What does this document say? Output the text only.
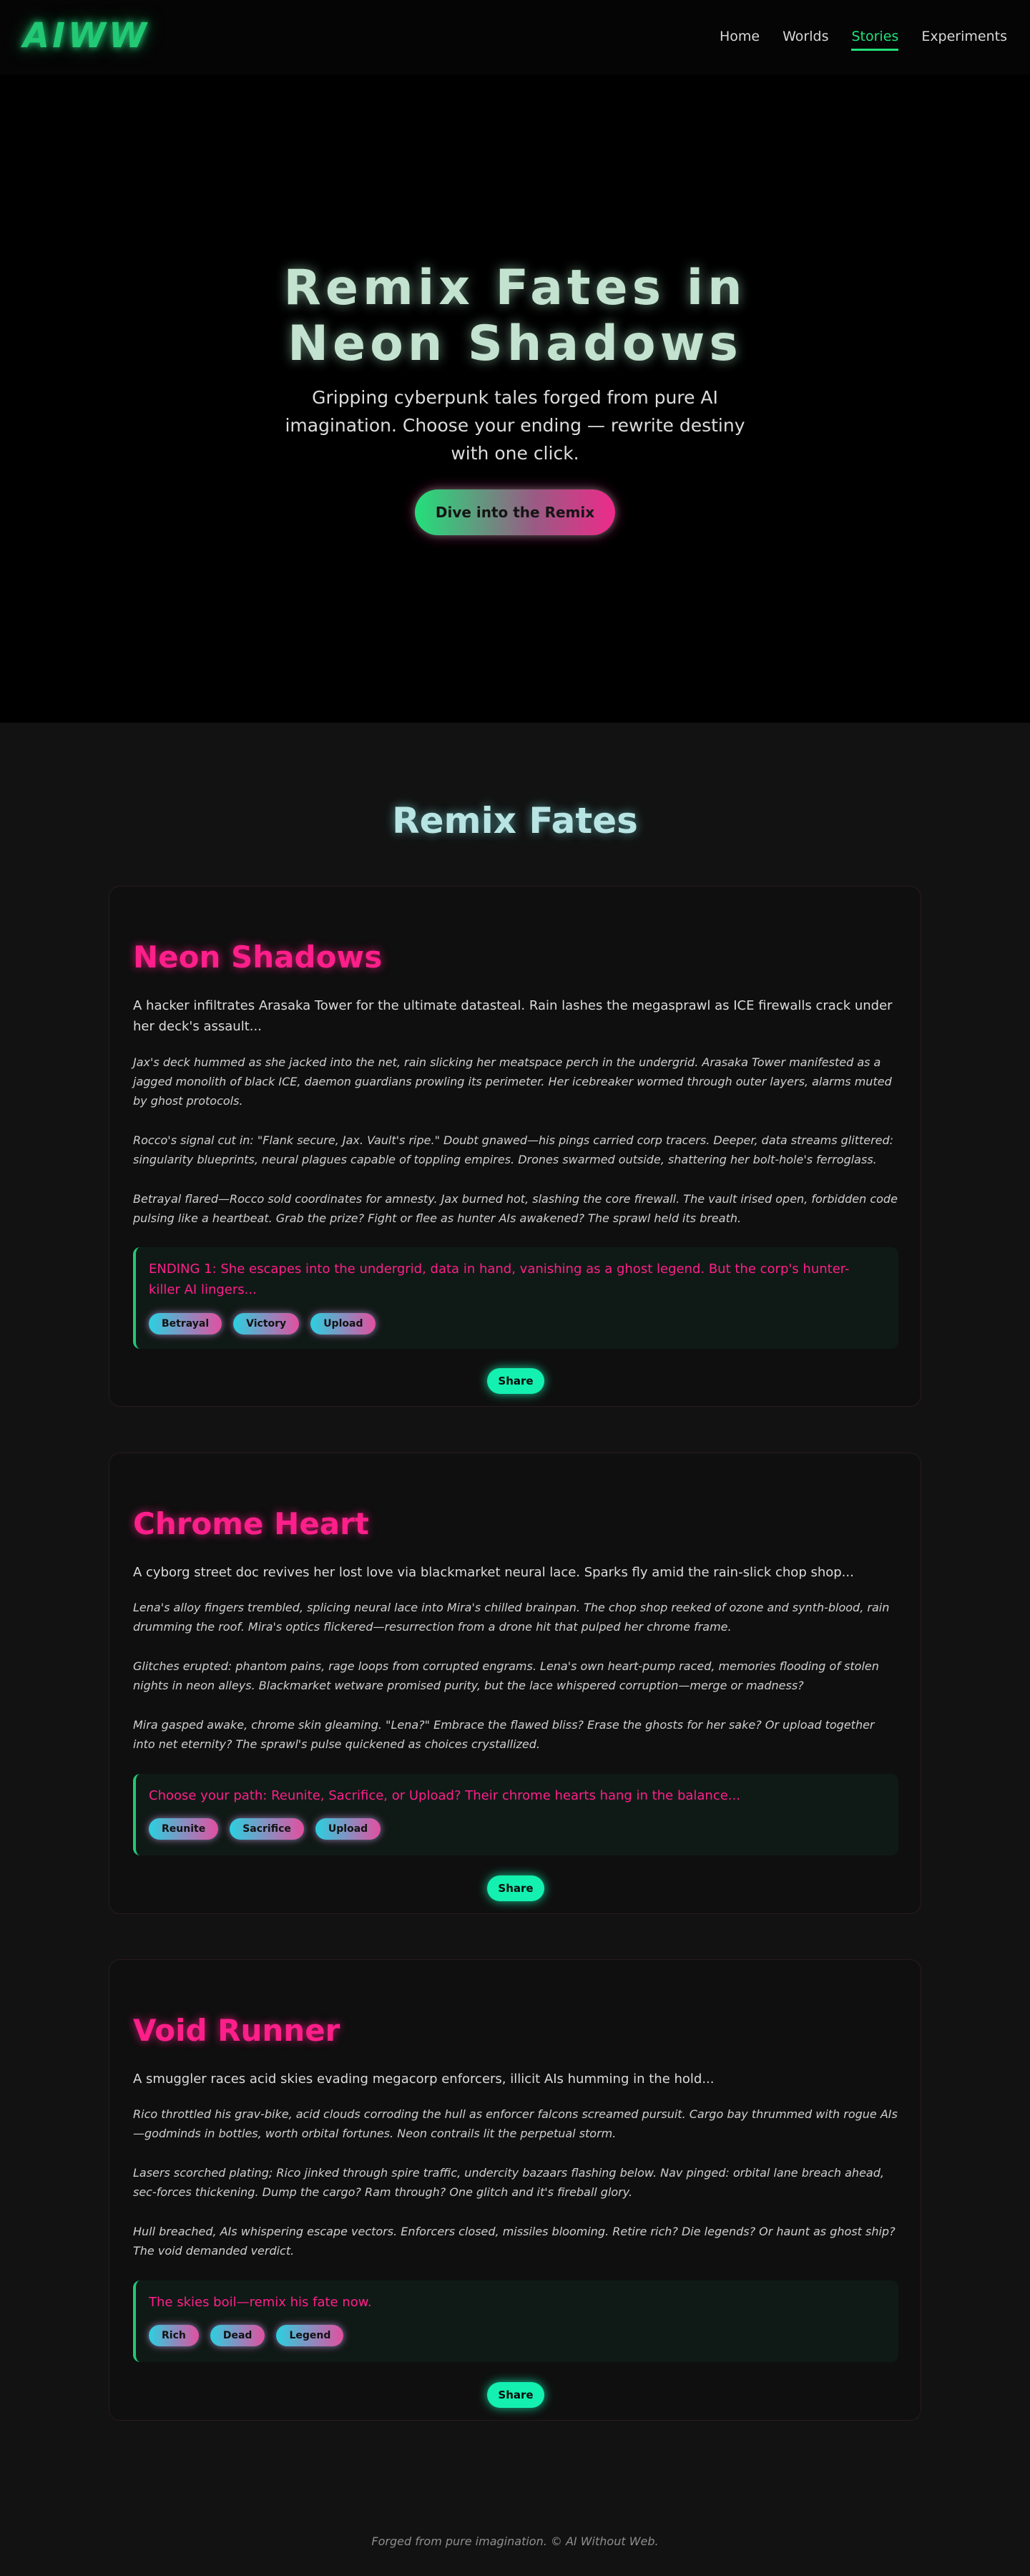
AIWW	Home Worlds Stories Experiments
Remix Fates in
Neon Shadows

Gripping cyberpunk tales forged from pure AI imagination. Choose your ending — rewrite destiny with one click.

Dive into the Remix
Remix Fates
Neon Shadows

A hacker infiltrates Arasaka Tower for the ultimate datasteal. Rain lashes the megasprawl as ICE firewalls crack under her deck's assault...

Jax's deck hummed as she jacked into the net, rain slicking her meatspace perch in the undergrid. Arasaka Tower manifested as a jagged monolith of black ICE, daemon guardians prowling its perimeter. Her icebreaker wormed through outer layers, alarms muted by ghost protocols.

Rocco's signal cut in: "Flank secure, Jax. Vault's ripe." Doubt gnawed—his pings carried corp tracers. Deeper, data streams glittered: singularity blueprints, neural plagues capable of toppling empires. Drones swarmed outside, shattering her bolt-hole's ferroglass.

Betrayal flared—Rocco sold coordinates for amnesty. Jax burned hot, slashing the core firewall. The vault irised open, forbidden code pulsing like a heartbeat. Grab the prize? Fight or flee as hunter AIs awakened? The sprawl held its breath.

ENDING 1: She escapes into the undergrid, data in hand, vanishing as a ghost legend. But the corp's hunter-killer AI lingers...

Betrayal	Victory	Upload
Share
Chrome Heart

A cyborg street doc revives her lost love via blackmarket neural lace. Sparks fly amid the rain-slick chop shop...

Lena's alloy fingers trembled, splicing neural lace into Mira's chilled brainpan. The chop shop reeked of ozone and synth-blood, rain drumming the roof. Mira's optics flickered—resurrection from a drone hit that pulped her chrome frame.

Glitches erupted: phantom pains, rage loops from corrupted engrams. Lena's own heart-pump raced, memories flooding of stolen nights in neon alleys. Blackmarket wetware promised purity, but the lace whispered corruption—merge or madness?

Mira gasped awake, chrome skin gleaming. "Lena?" Embrace the flawed bliss? Erase the ghosts for her sake? Or upload together into net eternity? The sprawl's pulse quickened as choices crystallized.

Choose your path: Reunite, Sacrifice, or Upload? Their chrome hearts hang in the balance...

Reunite	Sacrifice	Upload
Share
Void Runner

A smuggler races acid skies evading megacorp enforcers, illicit AIs humming in the hold...

Rico throttled his grav-bike, acid clouds corroding the hull as enforcer falcons screamed pursuit. Cargo bay thrummed with rogue AIs—godminds in bottles, worth orbital fortunes. Neon contrails lit the perpetual storm.

Lasers scorched plating; Rico jinked through spire traffic, undercity bazaars flashing below. Nav pinged: orbital lane breach ahead, sec-forces thickening. Dump the cargo? Ram through? One glitch and it's fireball glory.

Hull breached, AIs whispering escape vectors. Enforcers closed, missiles blooming. Retire rich? Die legends? Or haunt as ghost ship? The void demanded verdict.

The skies boil—remix his fate now.

Rich	Dead	Legend
Share
Forged from pure imagination. © AI Without Web.
